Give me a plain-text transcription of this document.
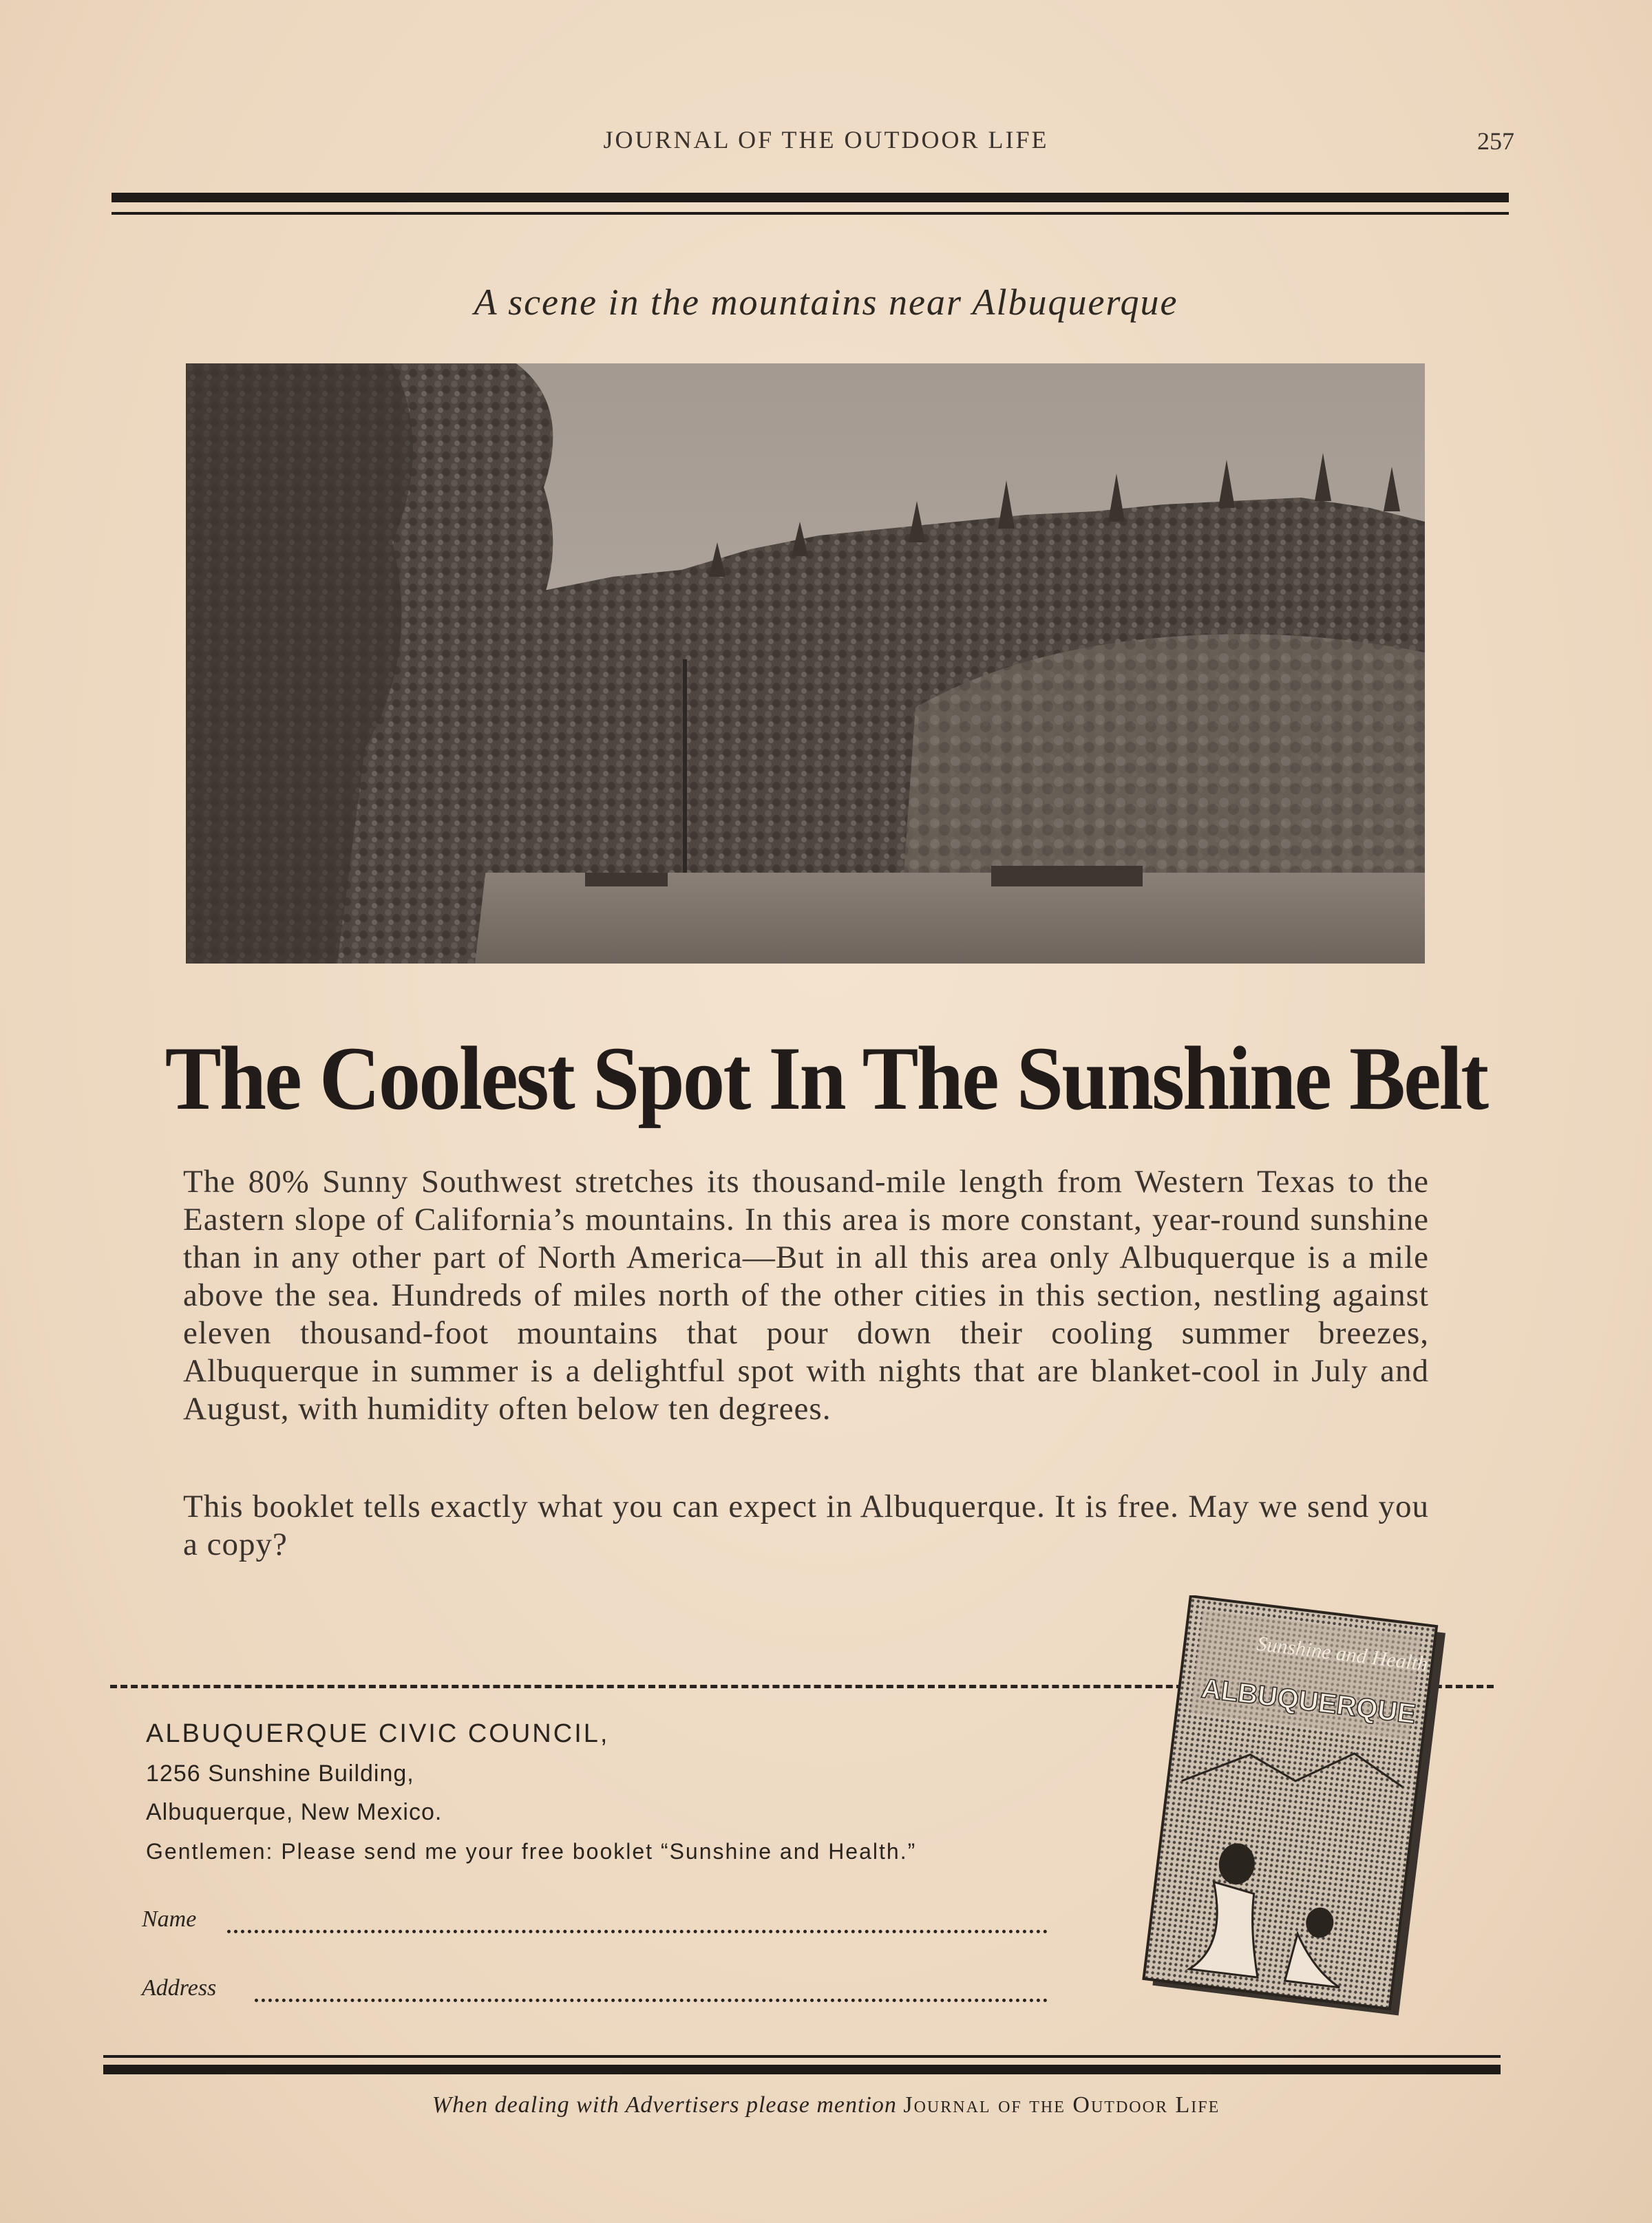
JOURNAL OF THE OUTDOOR LIFE	257
A scene in the mountains near Albuquerque
The Coolest Spot In The Sunshine Belt
The 80% Sunny Southwest stretches its thousand-mile length from Western Texas to the Eastern slope of California’s mountains. In this area is more constant, year-round sunshine than in any other part of North America—But in all this area only Albuquerque is a mile above the sea. Hundreds of miles north of the other cities in this section, nestling against eleven thousand-foot mountains that pour down their cooling summer breezes, Albuquerque in summer is a delightful spot with nights that are blanket-cool in July and August, with humidity often below ten degrees.
This booklet tells exactly what you can expect in Albuquerque. It is free. May we send you a copy?
ALBUQUERQUE CIVIC COUNCIL,
1256 Sunshine Building,
Albuquerque, New Mexico.
Gentlemen: Please send me your free booklet “Sunshine and Health.”
Name
Address
Sunshine and Health
ALBUQUERQUE
When dealing with Advertisers please mention Journal of the Outdoor Life
